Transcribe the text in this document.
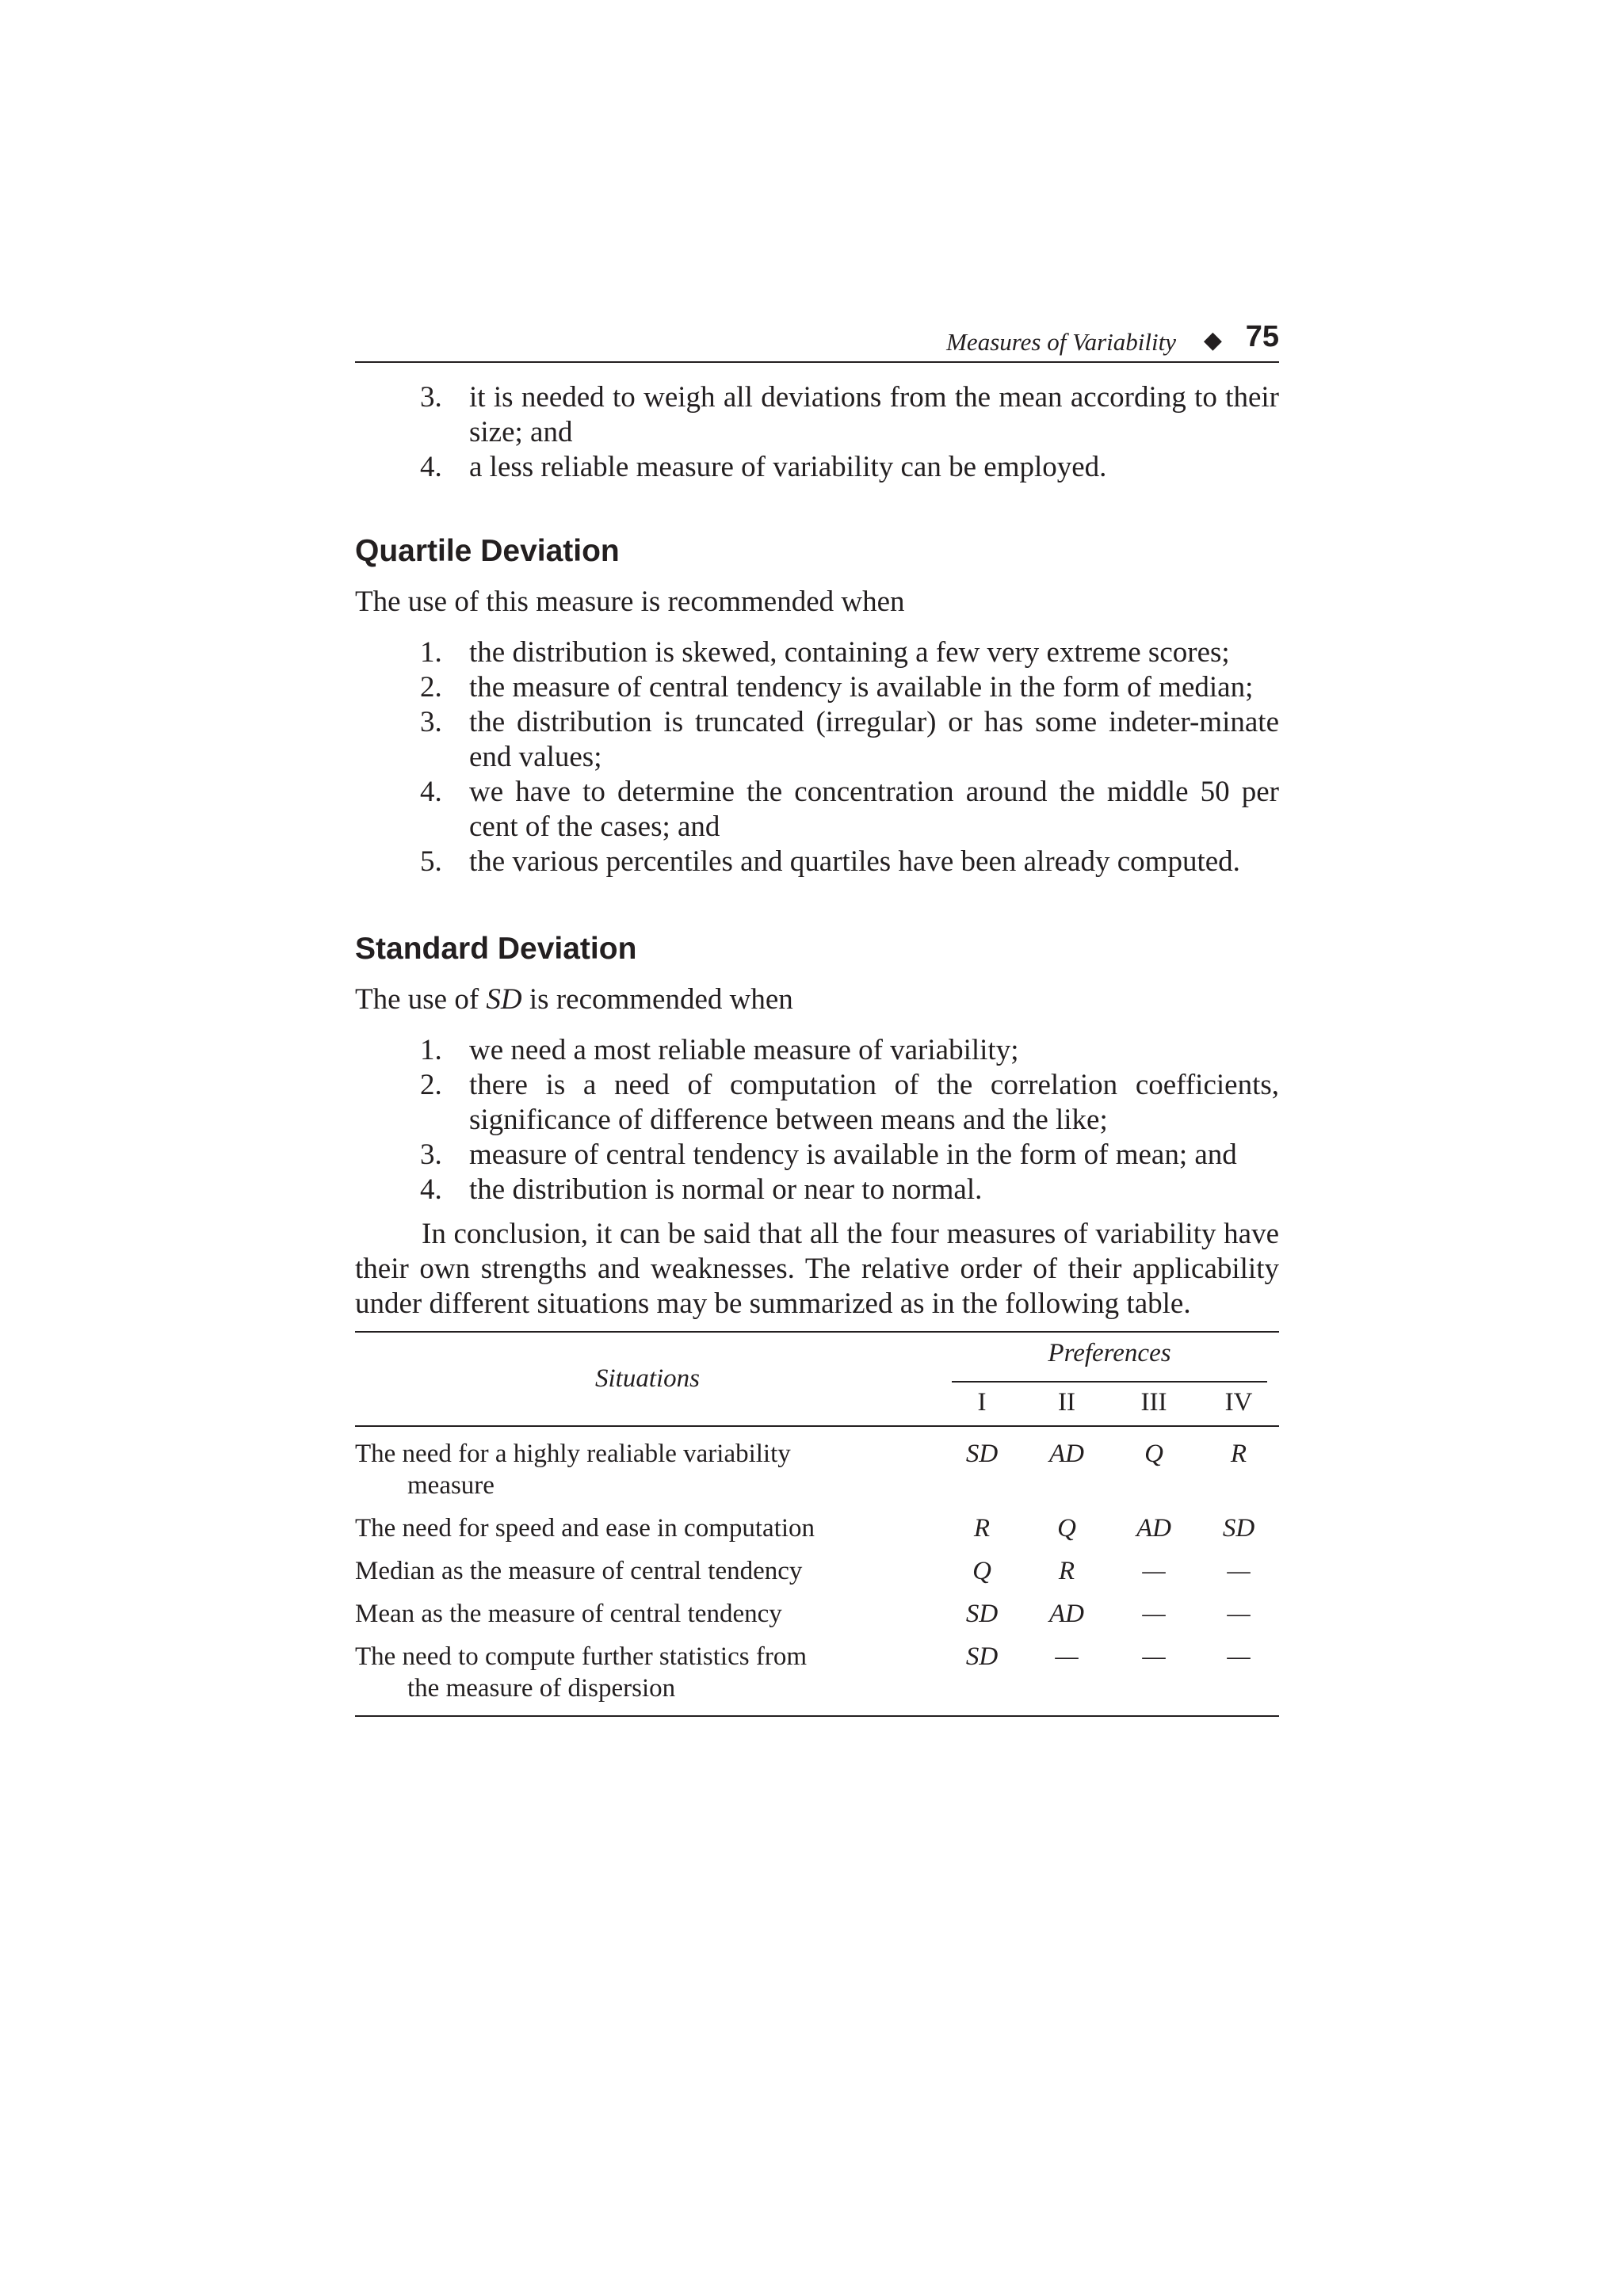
Measures of Variability ◆ 75
3. it is needed to weigh all deviations from the mean according to their size; and
4. a less reliable measure of variability can be employed.
Quartile Deviation

The use of this measure is recommended when

1. the distribution is skewed, containing a few very extreme scores;
2. the measure of central tendency is available in the form of median;
3. the distribution is truncated (irregular) or has some indeter-minate end values;
4. we have to determine the concentration around the middle 50 per cent of the cases; and
5. the various percentiles and quartiles have been already computed.
Standard Deviation

The use of SD is recommended when

1. we need a most reliable measure of variability;
2. there is a need of computation of the correlation coefficients, significance of difference between means and the like;
3. measure of central tendency is available in the form of mean; and
4. the distribution is normal or near to normal.

In conclusion, it can be said that all the four measures of variability have their own strengths and weaknesses. The relative order of their applicability under different situations may be summarized as in the following table.

Situations	Preferences			

	I	II	III	IV
The need for a highly realiable variability
measure	SD	AD	Q	R
The need for speed and ease in computation	R	Q	AD	SD
Median as the measure of central tendency	Q	R	—	—
Mean as the measure of central tendency	SD	AD	—	—
The need to compute further statistics from
the measure of dispersion	SD	—	—	—
